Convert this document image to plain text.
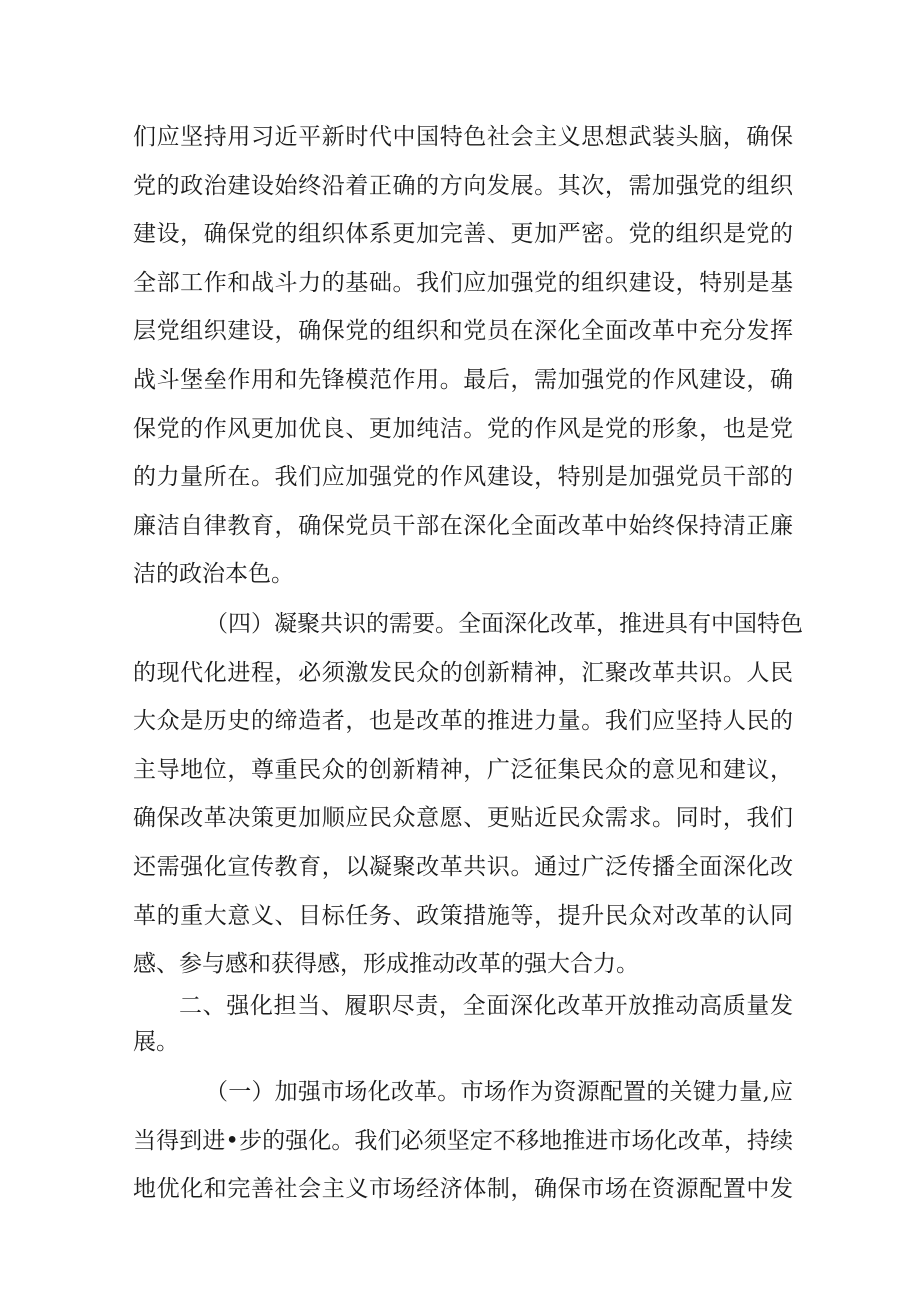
们应坚持用习近平新时代中国特色社会主义思想武装头脑，确保
党的政治建设始终沿着正确的方向发展。其次，需加强党的组织
建设，确保党的组织体系更加完善、更加严密。党的组织是党的
全部工作和战斗力的基础。我们应加强党的组织建设，特别是基
层党组织建设，确保党的组织和党员在深化全面改革中充分发挥
战斗堡垒作用和先锋模范作用。最后，需加强党的作风建设，确
保党的作风更加优良、更加纯洁。党的作风是党的形象，也是党
的力量所在。我们应加强党的作风建设，特别是加强党员干部的
廉洁自律教育，确保党员干部在深化全面改革中始终保持清正廉
洁的政治本色。
（四）凝聚共识的需要。全面深化改革，推进具有中国特色
的现代化进程，必须激发民众的创新精神，汇聚改革共识。人民
大众是历史的缔造者，也是改革的推进力量。我们应坚持人民的
主导地位，尊重民众的创新精神，广泛征集民众的意见和建议，
确保改革决策更加顺应民众意愿、更贴近民众需求。同时，我们
还需强化宣传教育，以凝聚改革共识。通过广泛传播全面深化改
革的重大意义、目标任务、政策措施等，提升民众对改革的认同
感、参与感和获得感，形成推动改革的强大合力。
二、强化担当、履职尽责，全面深化改革开放推动高质量发
展。
（一）加强市场化改革。市场作为资源配置的关键力量,应
当得到进•步的强化。我们必须坚定不移地推进市场化改革，持续
地优化和完善社会主义市场经济体制，确保市场在资源配置中发
